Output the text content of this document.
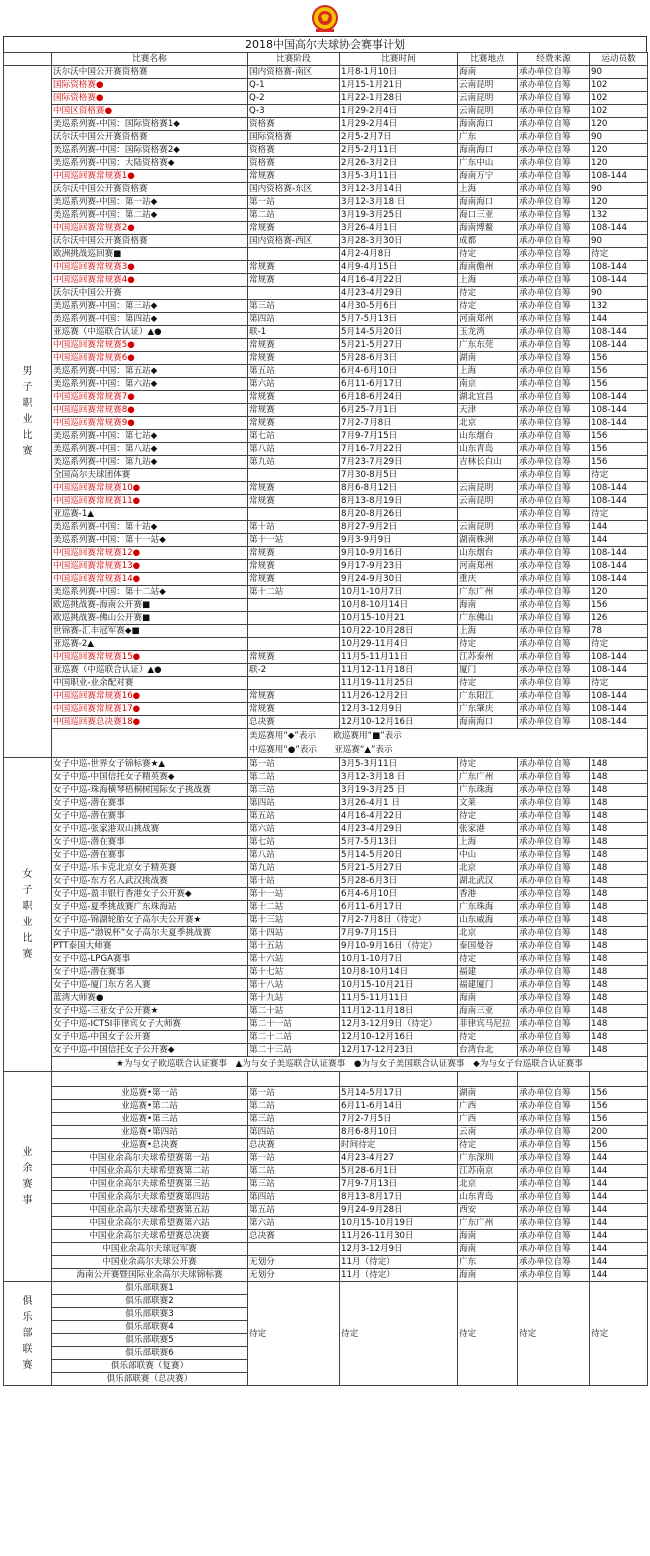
2018中国高尔夫球协会赛事计划
	比赛名称	比赛阶段	比赛时间	比赛地点	经费来源	运动员数
男子职业比赛	沃尔沃中国公开赛资格赛	国内资格赛-南区	1月8-1月10日	海南	承办单位自筹	90
	国际资格赛●	Q-1	1月15-1月21日	云南昆明	承办单位自筹	102
	国际资格赛●	Q-2	1月22-1月28日	云南昆明	承办单位自筹	102
	中国区资格赛●	Q-3	1月29-2月4日	云南昆明	承办单位自筹	102
	美巡系列赛-中国：国际资格赛1◆	资格赛	1月29-2月4日	海南海口	承办单位自筹	120
	沃尔沃中国公开赛资格赛	国际资格赛	2月5-2月7日	广东	承办单位自筹	90
	美巡系列赛-中国：国际资格赛2◆	资格赛	2月5-2月11日	海南海口	承办单位自筹	120
	美巡系列赛-中国：大陆资格赛◆	资格赛	2月26-3月2日	广东中山	承办单位自筹	120
	中国巡回赛常规赛1●	常规赛	3月5-3月11日	海南万宁	承办单位自筹	108-144
	沃尔沃中国公开赛资格赛	国内资格赛-东区	3月12-3月14日	上海	承办单位自筹	90
	美巡系列赛-中国：第一站◆	第一站	3月12-3月18 日	海南海口	承办单位自筹	120
	美巡系列赛-中国：第二站◆	第二站	3月19-3月25日	海口三亚	承办单位自筹	132
	中国巡回赛常规赛2●	常规赛	3月26-4月1日	海南博鳌	承办单位自筹	108-144
	沃尔沃中国公开赛资格赛	国内资格赛-西区	3月28-3月30日	成都	承办单位自筹	90
	欧洲挑战巡回赛■		4月2-4月8日	待定	承办单位自筹	待定
	中国巡回赛常规赛3●	常规赛	4月9-4月15日	海南儋州	承办单位自筹	108-144
	中国巡回赛常规赛4●	常规赛	4月16-4月22日	上海	承办单位自筹	108-144
	沃尔沃中国公开赛		4月23-4月29日	待定	承办单位自筹	90
	美巡系列赛-中国：第三站◆	第三站	4月30-5月6日	待定	承办单位自筹	132
	美巡系列赛-中国：第四站◆	第四站	5月7-5月13日	河南郑州	承办单位自筹	144
	亚巡赛（中巡联合认证）▲●	联-1	5月14-5月20日	玉龙湾	承办单位自筹	108-144
	中国巡回赛常规赛5●	常规赛	5月21-5月27日	广东东莞	承办单位自筹	108-144
	中国巡回赛常规赛6●	常规赛	5月28-6月3日	湖南	承办单位自筹	156
	美巡系列赛-中国：第五站◆	第五站	6月4-6月10日	上海	承办单位自筹	156
	美巡系列赛-中国：第六站◆	第六站	6月11-6月17日	南京	承办单位自筹	156
	中国巡回赛常规赛7●	常规赛	6月18-6月24日	湖北宜昌	承办单位自筹	108-144
	中国巡回赛常规赛8●	常规赛	6月25-7月1日	天津	承办单位自筹	108-144
	中国巡回赛常规赛9●	常规赛	7月2-7月8日	北京	承办单位自筹	108-144
	美巡系列赛-中国：第七站◆	第七站	7月9-7月15日	山东烟台	承办单位自筹	156
	美巡系列赛-中国：第八站◆	第八站	7月16-7月22日	山东青岛	承办单位自筹	156
	美巡系列赛-中国：第九站◆	第九站	7月23-7月29日	吉林长白山	承办单位自筹	156
	全国高尔夫球团体赛		7月30-8月5日		承办单位自筹	待定
	中国巡回赛常规赛10●	常规赛	8月6-8月12日	云南昆明	承办单位自筹	108-144
	中国巡回赛常规赛11●	常规赛	8月13-8月19日	云南昆明	承办单位自筹	108-144
	亚巡赛-1▲		8月20-8月26日		承办单位自筹	待定
	美巡系列赛-中国：第十站◆	第十站	8月27-9月2日	云南昆明	承办单位自筹	144
	美巡系列赛-中国：第十一站◆	第十一站	9月3-9月9日	湖南株洲	承办单位自筹	144
	中国巡回赛常规赛12●	常规赛	9月10-9月16日	山东烟台	承办单位自筹	108-144
	中国巡回赛常规赛13●	常规赛	9月17-9月23日	河南郑州	承办单位自筹	108-144
	中国巡回赛常规赛14●	常规赛	9月24-9月30日	重庆	承办单位自筹	108-144
	美巡系列赛-中国：第十二站◆	第十二站	10月1-10月7日	广东广州	承办单位自筹	120
	欧巡挑战赛-海南公开赛■		10月8-10月14日	海南	承办单位自筹	156
	欧巡挑战赛-佛山公开赛■		10月15-10月21	广东佛山	承办单位自筹	126
	世锦赛-汇丰冠军赛◆■		10月22-10月28日	上海	承办单位自筹	78
	亚巡赛-2▲		10月29-11月4日	待定	承办单位自筹	待定
	中国巡回赛常规赛15●	常规赛	11月5-11月11日	江苏泰州	承办单位自筹	108-144
	亚巡赛（中巡联合认证）▲●	联-2	11月12-11月18日	厦门	承办单位自筹	108-144
	中国职业-业余配对赛		11月19-11月25日	待定	承办单位自筹	待定
	中国巡回赛常规赛16●	常规赛	11月26-12月2日	广东阳江	承办单位自筹	108-144
	中国巡回赛常规赛17●	常规赛	12月3-12月9日	广东肇庆	承办单位自筹	108-144
	中国巡回赛总决赛18●	总决赛	12月10-12月16日	海南海口	承办单位自筹	108-144

		美巡赛用“◆”表示　　欧巡赛用“■”表示
中巡赛用“●”表示　　亚巡赛“▲”表示				

女子职业比赛	女子中巡-世界女子锦标赛★▲	第一站	3月5-3月11日	待定	承办单位自筹	148
	女子中巡-中国信托女子精英赛◆	第二站	3月12-3月18 日	广东广州	承办单位自筹	148
	女子中巡-珠海横琴梧桐树国际女子挑战赛	第三站	3月19-3月25 日	广东珠海	承办单位自筹	148
	女子中巡-潜在赛事	第四站	3月26-4月1 日	文莱	承办单位自筹	148
	女子中巡-潜在赛事	第五站	4月16-4月22日	待定	承办单位自筹	148
	女子中巡-张家港双山挑战赛	第六站	4月23-4月29日	张家港	承办单位自筹	148
	女子中巡-潜在赛事	第七站	5月7-5月13日	上海	承办单位自筹	148
	女子中巡-潜在赛事	第八站	5月14-5月20日	中山	承办单位自筹	148
	女子中巡-乐卡克北京女子精英赛	第九站	5月21-5月27日	北京	承办单位自筹	148
	女子中巡-东方名人武汉挑战赛	第十站	5月28-6月3日	湖北武汉	承办单位自筹	148
	女子中巡-盈丰银行香港女子公开赛◆	第十一站	6月4-6月10日	香港	承办单位自筹	148
	女子中巡-夏季挑战赛广东珠海站	第十二站	6月11-6月17日	广东珠海	承办单位自筹	148
	女子中巡-锦湖轮胎女子高尔夫公开赛★	第十三站	7月2-7月8日（待定）	山东威海	承办单位自筹	148
	女子中巡-“渤锐杯”女子高尔夫夏季挑战赛	第十四站	7月9-7月15日	北京	承办单位自筹	148
	PTT泰国大师赛	第十五站	9月10-9月16日（待定）	泰国曼谷	承办单位自筹	148
	女子中巡-LPGA赛事	第十六站	10月1-10月7日	待定	承办单位自筹	148
	女子中巡-潜在赛事	第十七站	10月8-10月14日	福建	承办单位自筹	148
	女子中巡-厦门东方名人赛	第十八站	10月15-10月21日	福建厦门	承办单位自筹	148
	蓝湾大师赛●	第十九站	11月5-11月11日	海南	承办单位自筹	148
	女子中巡-三亚女子公开赛★	第二十站	11月12-11月18日	海南三亚	承办单位自筹	148
	女子中巡-ICTSI菲律宾女子大师赛	第二十一站	12月3-12月9日（待定）	菲律宾马尼拉	承办单位自筹	148
	女子中巡-中国女子公开赛	第二十二站	12月10-12月16日	待定	承办单位自筹	148
	女子中巡-中国信托女子公开赛◆	第二十三站	12月17-12月23日	台湾台北	承办单位自筹	148
	★为与女子欧巡联合认证赛事　▲为与女子美巡联合认证赛事　●为与女子美国联合认证赛事　◆为与女子台巡联合认证赛事					
业余赛事						
	业巡赛•第一站	第一站	5月14-5月17日	湖南	承办单位自筹	156
	业巡赛•第二站	第二站	6月11-6月14日	广西	承办单位自筹	156
	业巡赛•第三站	第三站	7月2-7月5日	广西	承办单位自筹	156
	业巡赛•第四站	第四站	8月6-8月10日	云南	承办单位自筹	200
	业巡赛•总决赛	总决赛	时间待定	待定	承办单位自筹	156
	中国业余高尔夫球希望赛第一站	第一站	4月23-4月27	广东深圳	承办单位自筹	144
	中国业余高尔夫球希望赛第二站	第二站	5月28-6月1日	江苏南京	承办单位自筹	144
	中国业余高尔夫球希望赛第三站	第三站	7月9-7月13日	北京	承办单位自筹	144
	中国业余高尔夫球希望赛第四站	第四站	8月13-8月17日	山东青岛	承办单位自筹	144
	中国业余高尔夫球希望赛第五站	第五站	9月24-9月28日	西安	承办单位自筹	144
	中国业余高尔夫球希望赛第六站	第六站	10月15-10月19日	广东广州	承办单位自筹	144
	中国业余高尔夫球希望赛总决赛	总决赛	11月26-11月30日	海南	承办单位自筹	144
	中国业余高尔夫球冠军赛		12月3-12月9日	海南	承办单位自筹	144
	中国业余高尔夫球公开赛	无划分	11月（待定）	广东	承办单位自筹	144
	海南公开赛暨国际业余高尔夫球锦标赛	无划分	11月（待定）	海南	承办单位自筹	144
俱乐部联赛	俱乐部联赛1	待定	待定	待定	待定	待定
	俱乐部联赛2					
	俱乐部联赛3					
	俱乐部联赛4					
	俱乐部联赛5					
	俱乐部联赛6					
	俱乐部联赛（复赛）					
	俱乐部联赛（总决赛）					
